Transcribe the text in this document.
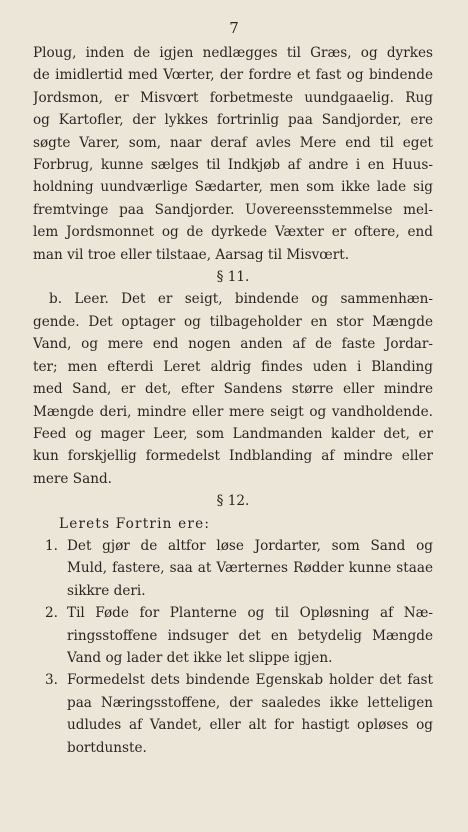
7
Ploug, inden de igjen nedlægges til Græs, og dyrkes
de imidlertid med Vœrter, der fordre et fast og bindende
Jordsmon, er Misvœrt forbetmeste uundgaaelig. Rug
og Kartofler, der lykkes fortrinlig paa Sandjorder, ere
søgte Varer, som, naar deraf avles Mere end til eget
Forbrug, kunne sælges til Indkjøb af andre i en Huus-
holdning uundværlige Sædarter, men som ikke lade sig
fremtvinge paa Sandjorder. Uovereensstemmelse mel-
lem Jordsmonnet og de dyrkede Væxter er oftere, end
man vil troe eller tilstaae, Aarsag til Misvœrt.
§ 11.
b. Leer. Det er seigt, bindende og sammenhæn-
gende. Det optager og tilbageholder en stor Mængde
Vand, og mere end nogen anden af de faste Jordar-
ter; men efterdi Leret aldrig findes uden i Blanding
med Sand, er det, efter Sandens større eller mindre
Mængde deri, mindre eller mere seigt og vandholdende.
Feed og mager Leer, som Landmanden kalder det, er
kun forskjellig formedelst Indblanding af mindre eller
mere Sand.
§ 12.
Lerets Fortrin ere:
1. Det gjør de altfor løse Jordarter, som Sand og
Muld, fastere, saa at Værternes Rødder kunne staae
sikkre deri.
2. Til Føde for Planterne og til Opløsning af Næ-
ringsstoffene indsuger det en betydelig Mængde
Vand og lader det ikke let slippe igjen.
3. Formedelst dets bindende Egenskab holder det fast
paa Næringsstoffene, der saaledes ikke letteligen
udludes af Vandet, eller alt for hastigt opløses og
bortdunste.
